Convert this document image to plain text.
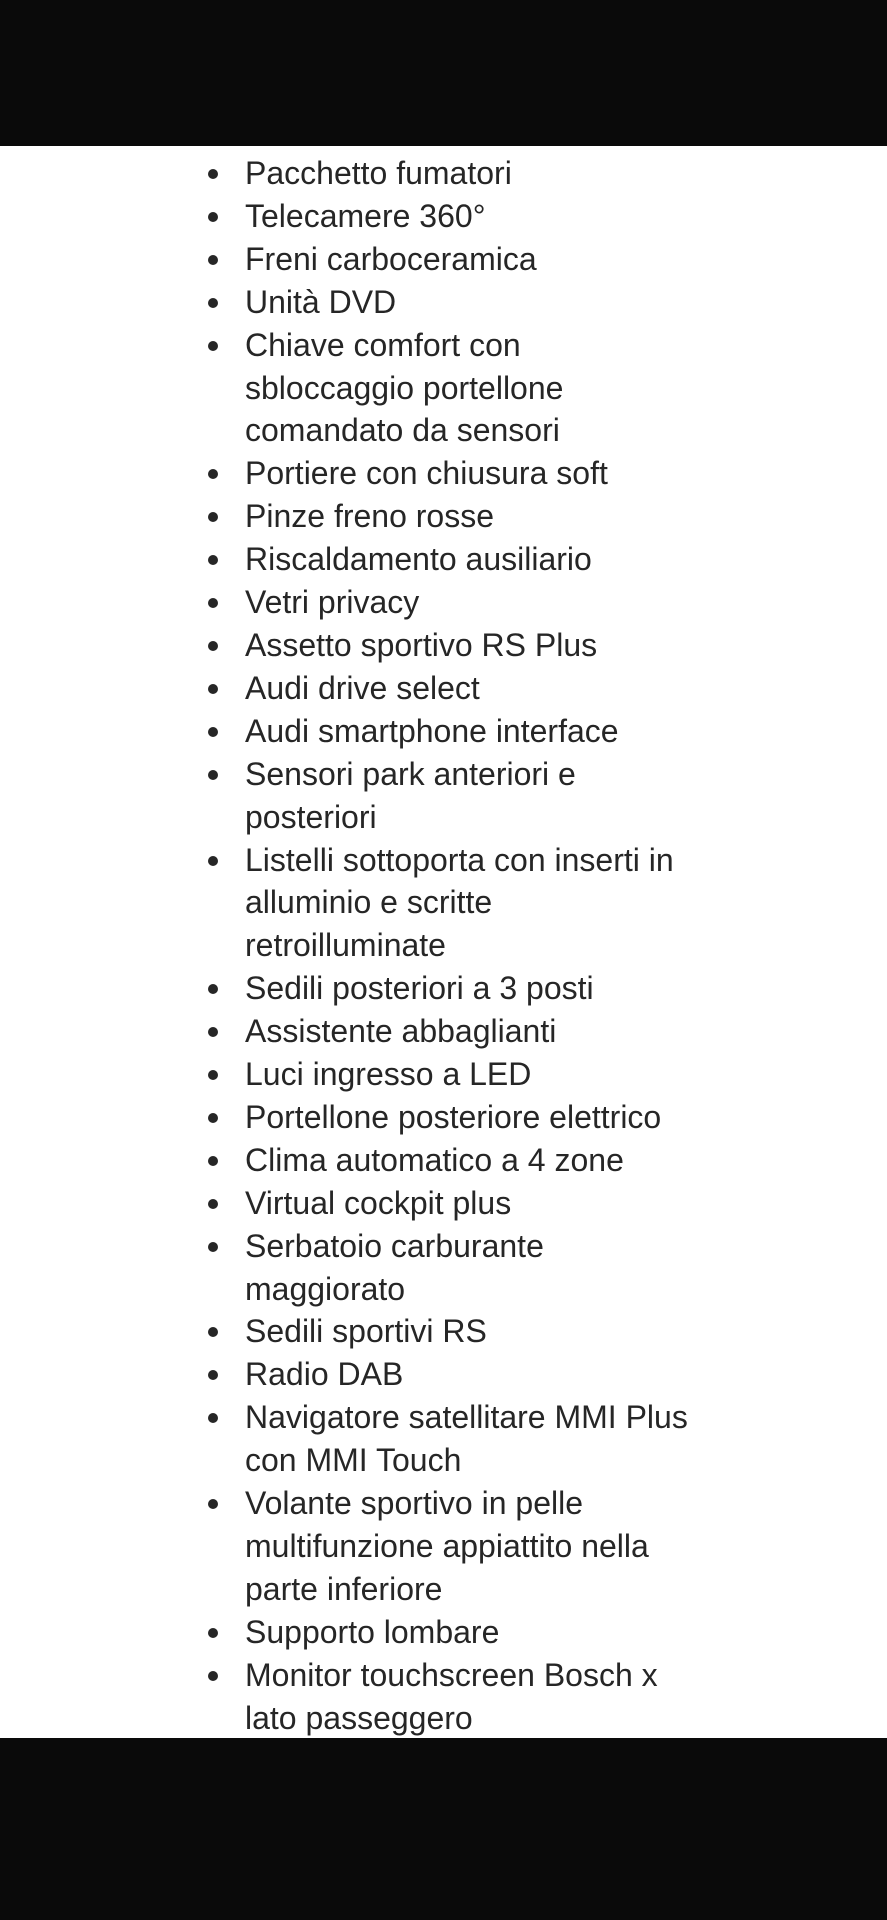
Pacchetto fumatori
Telecamere 360°
Freni carboceramica
Unità DVD
Chiave comfort con sbloccaggio portellone comandato da sensori
Portiere con chiusura soft
Pinze freno rosse
Riscaldamento ausiliario
Vetri privacy
Assetto sportivo RS Plus
Audi drive select
Audi smartphone interface
Sensori park anteriori e posteriori
Listelli sottoporta con inserti in alluminio e scritte retroilluminate
Sedili posteriori a 3 posti
Assistente abbaglianti
Luci ingresso a LED
Portellone posteriore elettrico
Clima automatico a 4 zone
Virtual cockpit plus
Serbatoio carburante maggiorato
Sedili sportivi RS
Radio DAB
Navigatore satellitare MMI Plus con MMI Touch
Volante sportivo in pelle multifunzione appiattito nella parte inferiore
Supporto lombare
Monitor touchscreen Bosch x lato passeggero
